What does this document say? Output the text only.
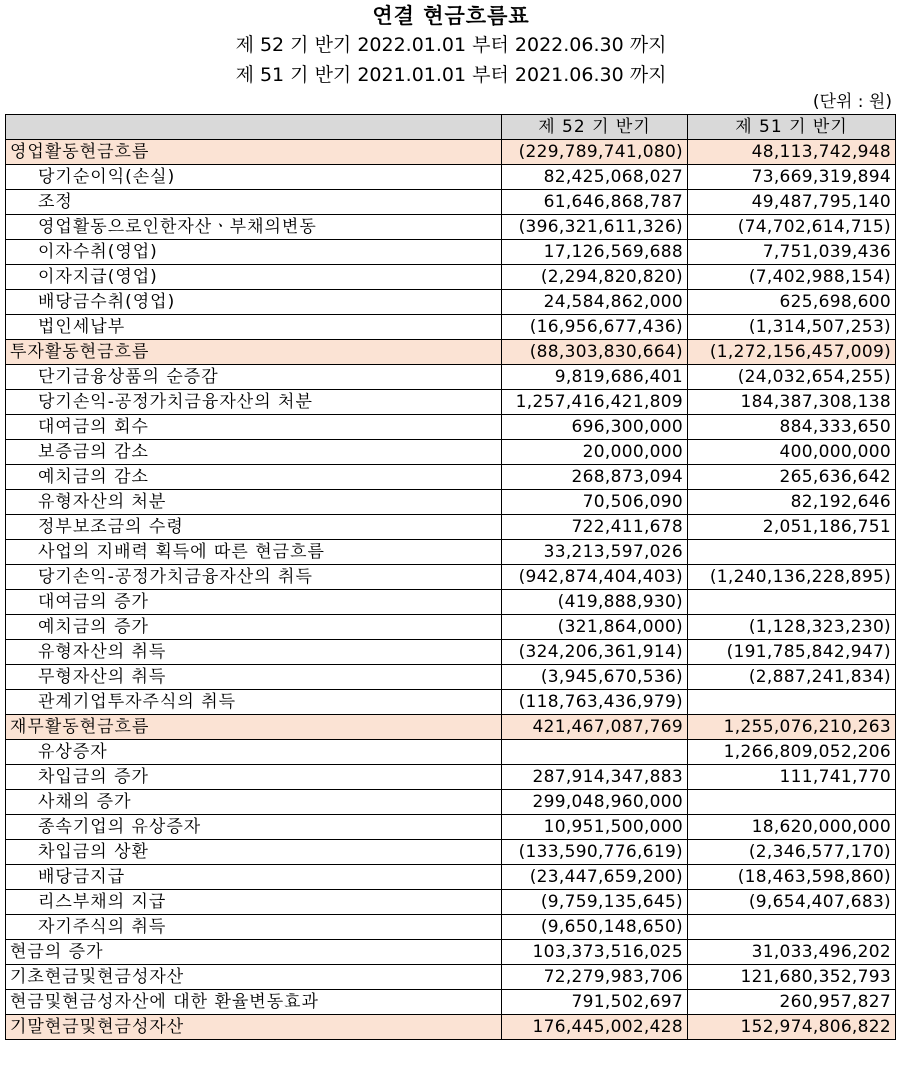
연결 현금흐름표
제 52 기 반기 2022.01.01 부터 2022.06.30 까지
제 51 기 반기 2021.01.01 부터 2021.06.30 까지
(단위 : 원)
	제 52 기 반기	제 51 기 반기
영업활동현금흐름	(229,789,741,080)	48,113,742,948
당기순이익(손실)	82,425,068,027	73,669,319,894
조정	61,646,868,787	49,487,795,140
영업활동으로인한자산ㆍ부채의변동	(396,321,611,326)	(74,702,614,715)
이자수취(영업)	17,126,569,688	7,751,039,436
이자지급(영업)	(2,294,820,820)	(7,402,988,154)
배당금수취(영업)	24,584,862,000	625,698,600
법인세납부	(16,956,677,436)	(1,314,507,253)
투자활동현금흐름	(88,303,830,664)	(1,272,156,457,009)
단기금융상품의 순증감	9,819,686,401	(24,032,654,255)
당기손익-공정가치금융자산의 처분	1,257,416,421,809	184,387,308,138
대여금의 회수	696,300,000	884,333,650
보증금의 감소	20,000,000	400,000,000
예치금의 감소	268,873,094	265,636,642
유형자산의 처분	70,506,090	82,192,646
정부보조금의 수령	722,411,678	2,051,186,751
사업의 지배력 획득에 따른 현금흐름	33,213,597,026	
당기손익-공정가치금융자산의 취득	(942,874,404,403)	(1,240,136,228,895)
대여금의 증가	(419,888,930)	
예치금의 증가	(321,864,000)	(1,128,323,230)
유형자산의 취득	(324,206,361,914)	(191,785,842,947)
무형자산의 취득	(3,945,670,536)	(2,887,241,834)
관계기업투자주식의 취득	(118,763,436,979)	
재무활동현금흐름	421,467,087,769	1,255,076,210,263
유상증자		1,266,809,052,206
차입금의 증가	287,914,347,883	111,741,770
사채의 증가	299,048,960,000	
종속기업의 유상증자	10,951,500,000	18,620,000,000
차입금의 상환	(133,590,776,619)	(2,346,577,170)
배당금지급	(23,447,659,200)	(18,463,598,860)
리스부채의 지급	(9,759,135,645)	(9,654,407,683)
자기주식의 취득	(9,650,148,650)	
현금의 증가	103,373,516,025	31,033,496,202
기초현금및현금성자산	72,279,983,706	121,680,352,793
현금및현금성자산에 대한 환율변동효과	791,502,697	260,957,827
기말현금및현금성자산	176,445,002,428	152,974,806,822
